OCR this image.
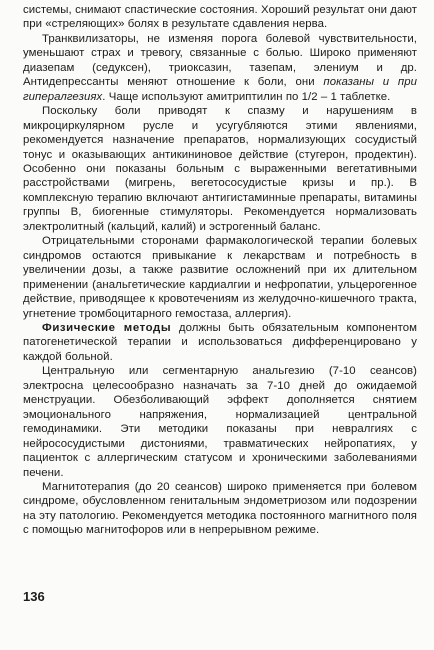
системы, снимают спастические состояния. Хороший результат они дают при «стреляющих» болях в результате сдавления нерва.

Транквилизаторы, не изменяя порога болевой чувствительности, уменьшают страх и тревогу, связанные с болью. Широко применяют диазепам (седуксен), триоксазин, тазепам, элениум и др. Антидепрессанты меняют отношение к боли, они показаны и при гипералгезиях. Чаще используют амитриптилин по 1/2 – 1 таблетке.

Поскольку боли приводят к спазму и нарушениям в микроциркулярном русле и усугубляются этими явлениями, рекомендуется назначение препаратов, нормализующих сосудистый тонус и оказывающих антикининовое действие (стугерон, продектин). Особенно они показаны больным с выраженными вегетативными расстройствами (мигрень, вегетососудистые кризы и пр.). В комплексную терапию включают антигистаминные препараты, витамины группы В, биогенные стимуляторы. Рекомендуется нормализовать электролитный (кальций, калий) и эстрогенный баланс.

Отрицательными сторонами фармакологической терапии болевых синдромов остаются привыкание к лекарствам и потребность в увеличении дозы, а также развитие осложнений при их длительном применении (анальгетические кардиалгии и нефропатии, ульцерогенное действие, приводящее к кровотечениям из желудочно-кишечного тракта, угнетение тромбоцитарного гемостаза, аллергия).

Физические методы должны быть обязательным компонентом патогенетической терапии и использоваться дифференцировано у каждой больной.

Центральную или сегментарную анальгезию (7-10 сеансов) электросна целесообразно назначать за 7-10 дней до ожидаемой менструации. Обезболивающий эффект дополняется снятием эмоционального напряжения, нормализацией центральной гемодинамики. Эти методики показаны при невралгиях с нейрососудистыми дистониями, травматических нейропатиях, у пациенток с аллергическим статусом и хроническими заболеваниями печени.

Магнитотерапия (до 20 сеансов) широко применяется при болевом синдроме, обусловленном генитальным эндометриозом или подозрении на эту патологию. Рекомендуется методика постоянного магнитного поля с помощью магнитофоров или в непрерывном режиме.

136
